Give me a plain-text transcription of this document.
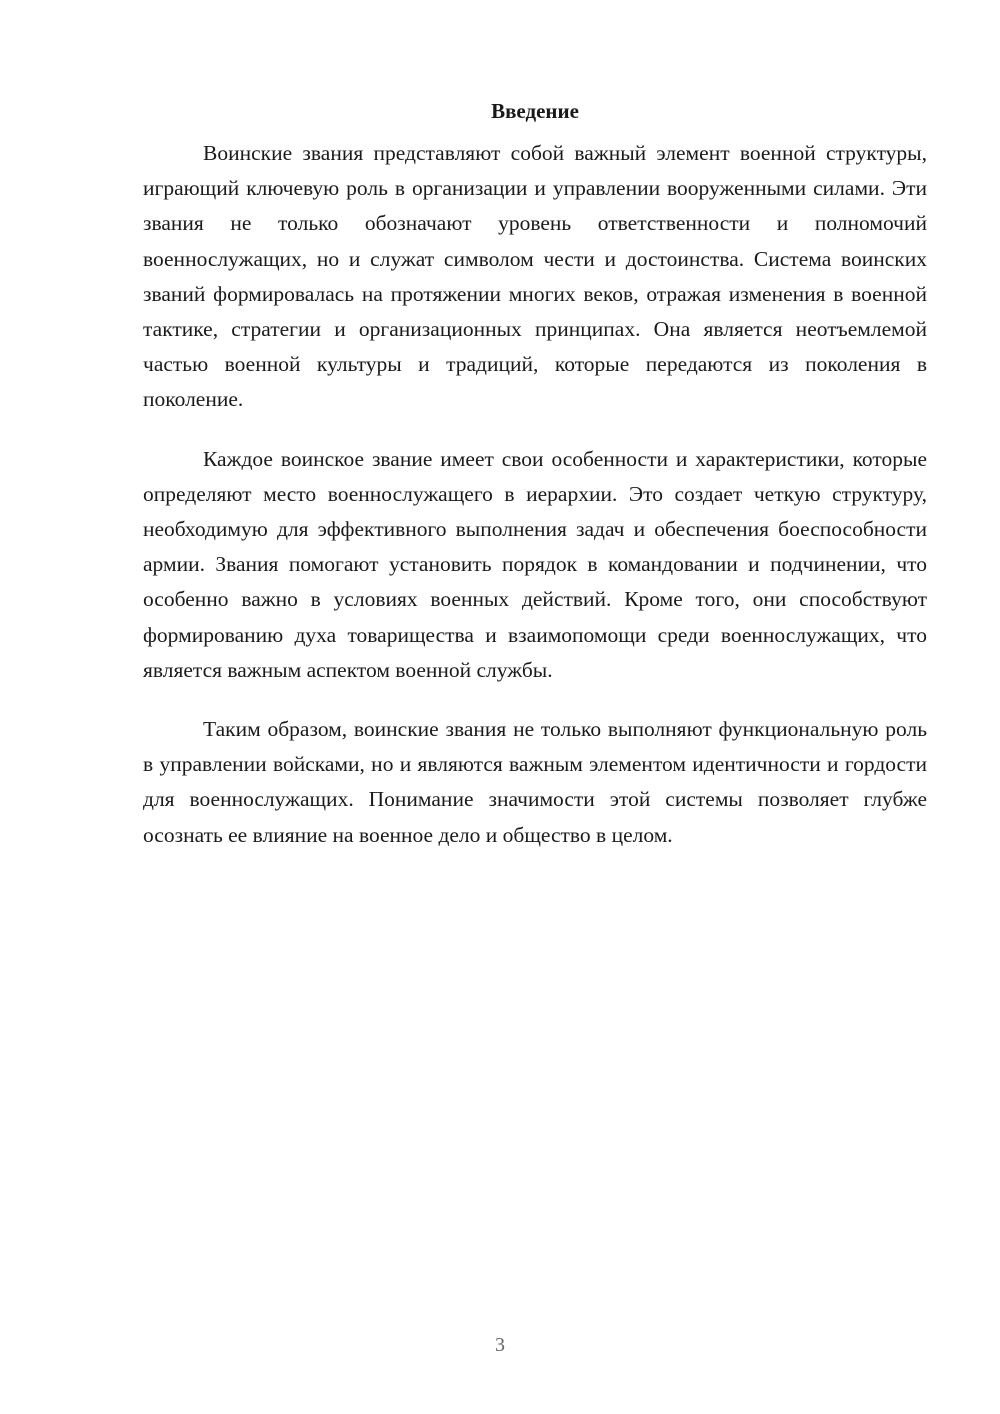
Введение

Воинские звания представляют собой важный элемент военной структуры, играющий ключевую роль в организации и управлении вооруженными силами. Эти звания не только обозначают уровень ответственности и полномочий военнослужащих, но и служат символом чести и достоинства. Система воинских званий формировалась на протяжении многих веков, отражая изменения в военной тактике, стратегии и организационных принципах. Она является неотъемлемой частью военной культуры и традиций, которые передаются из поколения в поколение.

Каждое воинское звание имеет свои особенности и характеристики, которые определяют место военнослужащего в иерархии. Это создает четкую структуру, необходимую для эффективного выполнения задач и обеспечения боеспособности армии. Звания помогают установить порядок в командовании и подчинении, что особенно важно в условиях военных действий. Кроме того, они способствуют формированию духа товарищества и взаимопомощи среди военнослужащих, что является важным аспектом военной службы.

Таким образом, воинские звания не только выполняют функциональную роль в управлении войсками, но и являются важным элементом идентичности и гордости для военнослужащих. Понимание значимости этой системы позволяет глубже осознать ее влияние на военное дело и общество в целом.

3
